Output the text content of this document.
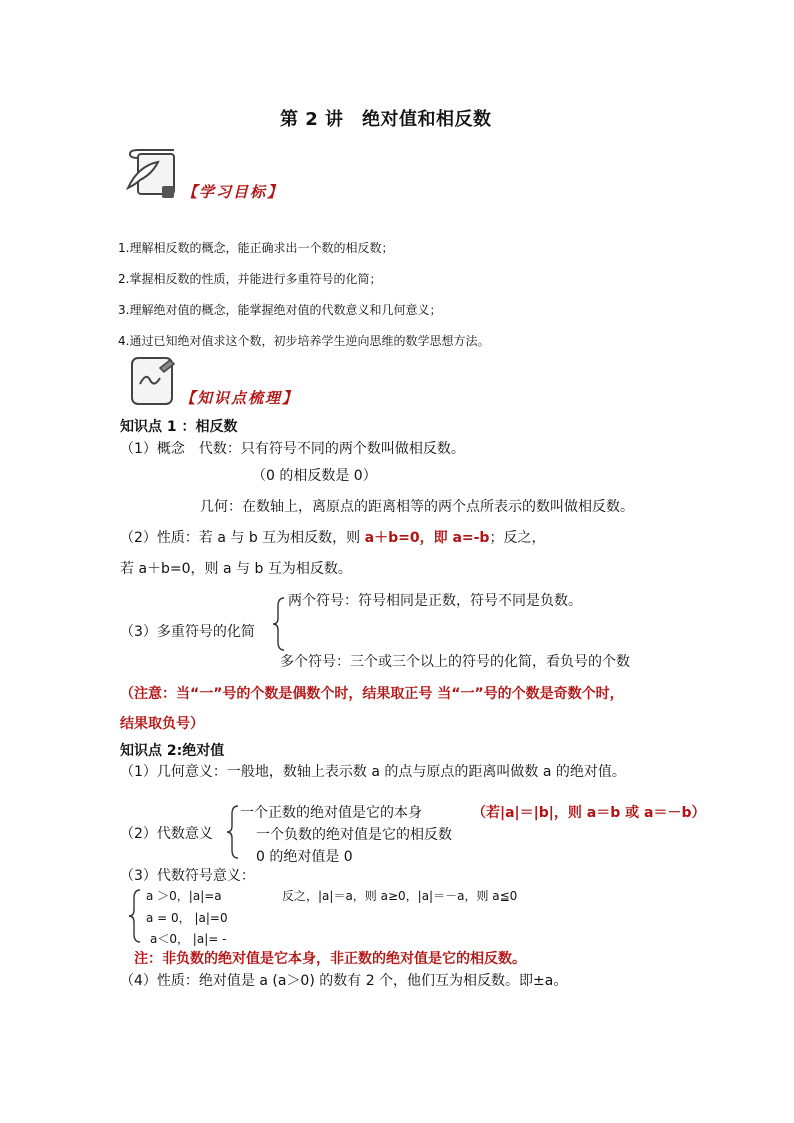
第 2 讲　绝对值和相反数
【学习目标】
1.理解相反数的概念，能正确求出一个数的相反数；
2.掌握相反数的性质，并能进行多重符号的化简；
3.理解绝对值的概念，能掌握绝对值的代数意义和几何意义；
4.通过已知绝对值求这个数，初步培养学生逆向思维的数学思想方法。
【知识点梳理】
知识点 1 ：相反数
（1）概念　代数：只有符号不同的两个数叫做相反数。
（0 的相反数是 0）
几何：在数轴上，离原点的距离相等的两个点所表示的数叫做相反数。
（2）性质：若 a 与 b 互为相反数，则 a＋b=0，即 a=-b；反之，
若 a＋b=0，则 a 与 b 互为相反数。
两个符号：符号相同是正数，符号不同是负数。
（3）多重符号的化简
多个符号：三个或三个以上的符号的化简，看负号的个数
（注意：当“一”号的个数是偶数个时，结果取正号 当“一”号的个数是奇数个时，
结果取负号）
知识点 2:绝对值
（1）几何意义：一般地，数轴上表示数 a 的点与原点的距离叫做数 a 的绝对值。
（2）代数意义
一个正数的绝对值是它的本身	（若|a|＝|b|，则 a＝b 或 a＝－b）
一个负数的绝对值是它的相反数
0 的绝对值是 0
（3）代数符号意义：
a ＞0，|a|=a
a = 0， |a|=0
a＜0， |a|= -
反之，|a|＝a，则 a≥0，|a|＝－a，则 a≦0
注：非负数的绝对值是它本身，非正数的绝对值是它的相反数。
（4）性质：绝对值是 a (a＞0) 的数有 2 个，他们互为相反数。即±a。
